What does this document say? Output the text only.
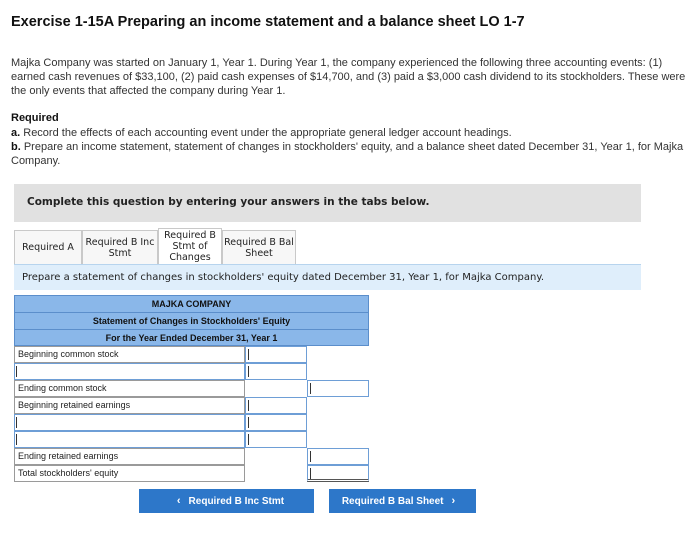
Exercise 1-15A Preparing an income statement and a balance sheet LO 1-7
Majka Company was started on January 1, Year 1. During Year 1, the company experienced the following three accounting events: (1) earned cash revenues of $33,100, (2) paid cash expenses of $14,700, and (3) paid a $3,000 cash dividend to its stockholders. These were the only events that affected the company during Year 1.
Required
a. Record the effects of each accounting event under the appropriate general ledger account headings.
b. Prepare an income statement, statement of changes in stockholders' equity, and a balance sheet dated December 31, Year 1, for Majka Company.
Complete this question by entering your answers in the tabs below.
Required A Required B Inc Stmt
Required B Stmt of Changes
Required B Bal Sheet
Prepare a statement of changes in stockholders' equity dated December 31, Year 1, for Majka Company.
MAJKA COMPANY
Statement of Changes in Stockholders' Equity
For the Year Ended December 31, Year 1
Beginning common stock
Ending common stock
Beginning retained earnings
Ending retained earnings
Total stockholders' equity
‹ Required B Inc Stmt	Required B Bal Sheet ›
